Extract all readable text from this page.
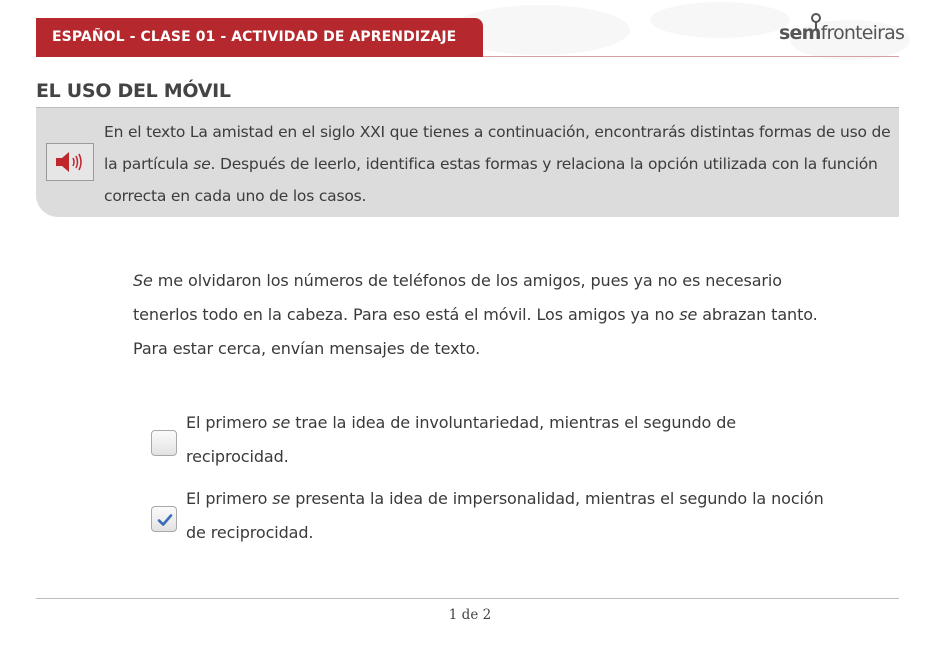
ESPAÑOL - CLASE 01 - ACTIVIDAD DE APRENDIZAJE	semfronteiras
EL USO DEL MÓVIL
En el texto La amistad en el siglo XXI que tienes a continuación, encontrarás distintas formas de uso de la partícula se. Después de leerlo, identifica estas formas y relaciona la opción utilizada con la función correcta en cada uno de los casos.

Se me olvidaron los números de teléfonos de los amigos, pues ya no es necesario tenerlos todo en la cabeza. Para eso está el móvil. Los amigos ya no se abrazan tanto. Para estar cerca, envían mensajes de texto.

El primero se trae la idea de involuntariedad, mientras el segundo de reciprocidad.
El primero se presenta la idea de impersonalidad, mientras el segundo la noción de reciprocidad.
1 de 2
